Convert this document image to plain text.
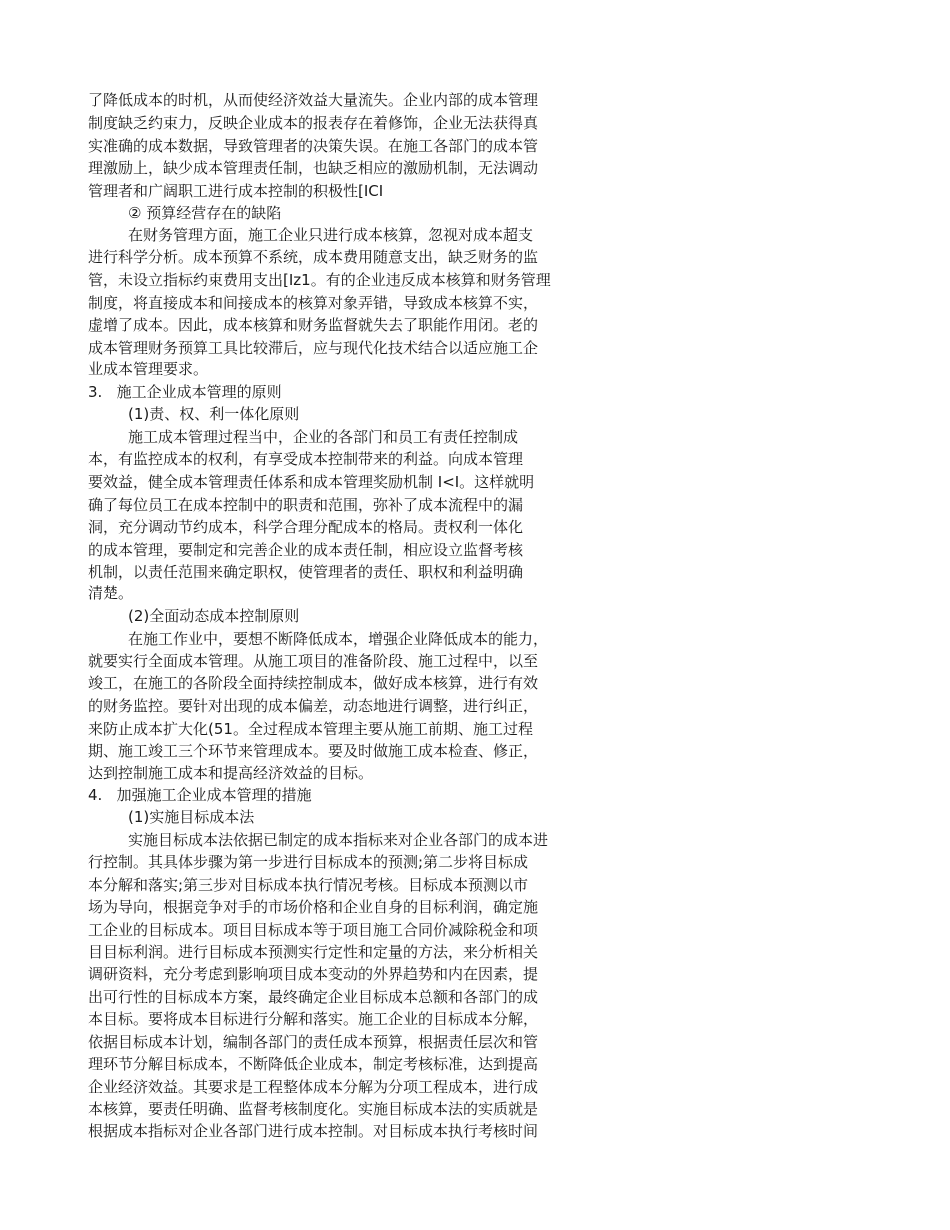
了降低成本的时机，从而使经济效益大量流失。企业内部的成本管理

制度缺乏约束力，反映企业成本的报表存在着修饰，企业无法获得真

实准确的成本数据，导致管理者的决策失误。在施工各部门的成本管

理激励上，缺少成本管理责任制，也缺乏相应的激励机制，无法调动

管理者和广阔职工进行成本控制的积极性[ICI

② 预算经营存在的缺陷

在财务管理方面，施工企业只进行成本核算，忽视对成本超支

进行科学分析。成本预算不系统，成本费用随意支出，缺乏财务的监

管，未设立指标约束费用支出[Iz1。有的企业违反成本核算和财务管理

制度，将直接成本和间接成本的核算对象弄错，导致成本核算不实，

虚增了成本。因此，成本核算和财务监督就失去了职能作用闭。老的

成本管理财务预算工具比较滞后，应与现代化技术结合以适应施工企

业成本管理要求。

3.   施工企业成本管理的原则

(1)责、权、利一体化原则

施工成本管理过程当中，企业的各部门和员工有责任控制成

本，有监控成本的权利，有享受成本控制带来的利益。向成本管理

要效益，健全成本管理责任体系和成本管理奖励机制 I<I。这样就明

确了每位员工在成本控制中的职责和范围，弥补了成本流程中的漏

洞，充分调动节约成本，科学合理分配成本的格局。责权利一体化

的成本管理，要制定和完善企业的成本责任制，相应设立监督考核

机制，以责任范围来确定职权，使管理者的责任、职权和利益明确

清楚。

(2)全面动态成本控制原则

在施工作业中，要想不断降低成本，增强企业降低成本的能力，

就要实行全面成本管理。从施工项目的准备阶段、施工过程中，以至

竣工，在施工的各阶段全面持续控制成本，做好成本核算，进行有效

的财务监控。要针对出现的成本偏差，动态地进行调整，进行纠正，

来防止成本扩大化(51。全过程成本管理主要从施工前期、施工过程

期、施工竣工三个环节来管理成本。要及时做施工成本检查、修正，

达到控制施工成本和提高经济效益的目标。

4.   加强施工企业成本管理的措施

(1)实施目标成本法

实施目标成本法依据已制定的成本指标来对企业各部门的成本进

行控制。其具体步骤为第一步进行目标成本的预测;第二步将目标成

本分解和落实;第三步对目标成本执行情况考核。目标成本预测以市

场为导向，根据竞争对手的市场价格和企业自身的目标利润，确定施

工企业的目标成本。项目目标成本等于项目施工合同价减除税金和项

目目标利润。进行目标成本预测实行定性和定量的方法，来分析相关

调研资料，充分考虑到影响项目成本变动的外界趋势和内在因素，提

出可行性的目标成本方案，最终确定企业目标成本总额和各部门的成

本目标。要将成本目标进行分解和落实。施工企业的目标成本分解，

依据目标成本计划，编制各部门的责任成本预算，根据责任层次和管

理环节分解目标成本，不断降低企业成本，制定考核标准，达到提高

企业经济效益。其要求是工程整体成本分解为分项工程成本，进行成

本核算，要责任明确、监督考核制度化。实施目标成本法的实质就是

根据成本指标对企业各部门进行成本控制。对目标成本执行考核时间
